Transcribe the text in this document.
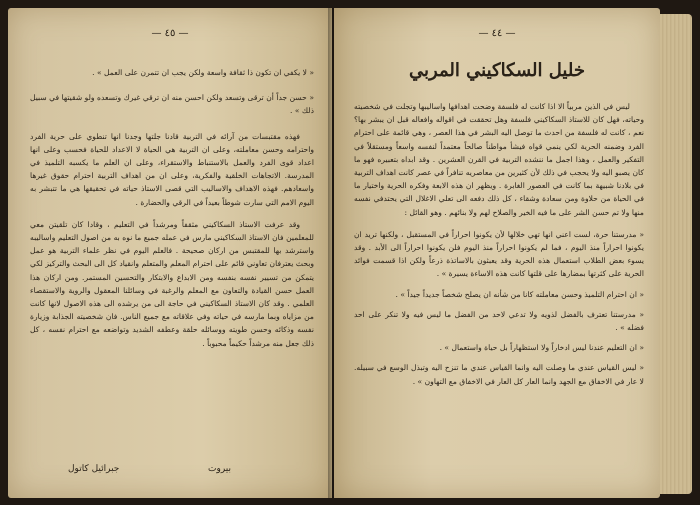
— ٤٥ —

« لا يكفي ان تكون ذا ثقافة واسعة ولكن يجب ان تتمرن على العمل » .

« حسن جداً أن ترقى وتسعد ولكن احسن منه ان ترقي غيرك وتسعده ولو شقيتها في سبيل ذلك » .

فهذه مقتبسات من آرائه في التربية قادنا جلتها وجدنا انها تنطوي على حرية الفرد واحترامه وحسن معاملته، وعلى ان التربية هي الحياة لا الاعداد للحياة فحسب وعلى انها اعداد قوى الفرد والعمل بالاستنباط والاستقراء، وعلى ان العلم ما يكسبه التلميذ في المدرسة. الاتجاهات الخلقية والفكرية، وعلى ان من اهداف التربية احترام حقوق غيرها واسعادهم. فهذه الاهداف والاساليب التي قصى الاستاذ حياته في تحقيقها هي ما تتبشر به اليوم الامم التي سارت شوطاً بعيداً في الرقي والحضارة .

وقد عرفت الاستاذ السكاكيني مثقفاً ومرشداً في التعليم ، وقادا كان تلقيتن معي للمعلمين فان الاستاذ السكاكيني مارس في عمله جميع ما نوه به من اصول التعليم واساليبه واسترشد بها للمقتبس من اركان صحيحة . فالعلم اليوم في نظر علماء التربية هو عمل وبحث يعترفان تعاوني قائم على احترام المعلم والمتعلم وانقياد كل الى البحث والتركيز لكي يتمكن من تسيير نفسه بنفسه ومن الابداع والابتكار والتحسين المستمر. ومن اركان هذا العمل حسن القيادة والتعاون مع المعلم والرغبة في وسائلنا المعقول والروية والاستقصاء العلمي . وقد كان الاستاذ السكاكيني في حاجة الى من يرشده الى هذه الاصول لانها كانت من مزاياه وبما مارسه في حياته وفي علاقاته مع جميع الناس. فان شخصيته الجذابة وزيارة نفسه وذكائه وحسن طويته ووسائله حلقة وعطفه الشديد وتواضعه مع احترام نفسه ، كل ذلك جعل منه مرشداً حكيماً محبوباً .

بيروت
جبرائيل كاتول
— ٤٤ —
خليل السكاكيني المربي

ليس في الذين مربياً الا اذا كانت له فلسفة وضحت اهدافها واساليبها وتجلت في شخصيته وحياته، فهل كان للاستاذ السكاكيني فلسفة وهل تحققت في اقواله وافعاله قبل ان يبشر بها؟ نعم ، كانت له فلسفة من احدث ما توصل اليه البشر في هذا العصر ، وهي قائمة على احترام الفرد وضمنه الحرية لكي ينمي قواه فيشأ مواطناً صالحاً معتمداً لنفسه واسعاً ومستقلاً في التفكير والعمل ، وهذا اجمل ما ننشده التربية في القرن العشرين . وقد ابداه بتعبيره فهو ما كان يصبو اليه ولا يحجب في ذلك لأن كثيرين من معاصريه تنافراً في عصر كانت اهداف التربية في بلادنا شبيهة بما كانت في العصور الغابرة . ويظهر ان هذه الابعة وفكره الحرية واختيار ما في الحياة من حلاوة ومن سعادة وشقاء ، كل ذلك دفعه الى تعلي الاغلال التي يحتدفي نفسه منها ولا تم حسن الشر على ما فيه الخير والصلاح لهم ولا بنائهم . وهو القائل :

« مدرستنا حرة، لست اعني انها تهي خلالها لأن يكونوا احراراً في المستقبل ، ولكنها تريد ان يكونوا احراراً منذ اليوم ، فما لم يكونوا احراراً منذ اليوم فلن يكونوا احراراً الى الأبد . وقد يسوء بعض الطلاب استعمال هذه الحرية وقد يعبثون بالاساتذة ذرعاً ولكن اذا قسمت فوائد الحرية على كثرتها بمضارها على قلتها كانت هذه الاساءة يسيرة » .

« ان احترام التلميذ وحسن معاملته كانا من شأنه ان يصلح شخصاً جديداً جيداً » .

« مدرستنا تعترف بالفضل لذويه ولا تدعي لاحد من الفضل ما ليس فيه ولا تنكر على احد فضله » .

« ان التعليم عندنا ليس ادخاراً ولا استظهاراً بل حياة واستعمال » .

« ليس القياس عندي ما وصلت اليه وانما القياس عندي ما تنزح اليه وتبذل الوسع في سبيله. لا عار في الاخفاق مع الجهد وانما العار كل العار في الاخفاق مع التهاون » .
